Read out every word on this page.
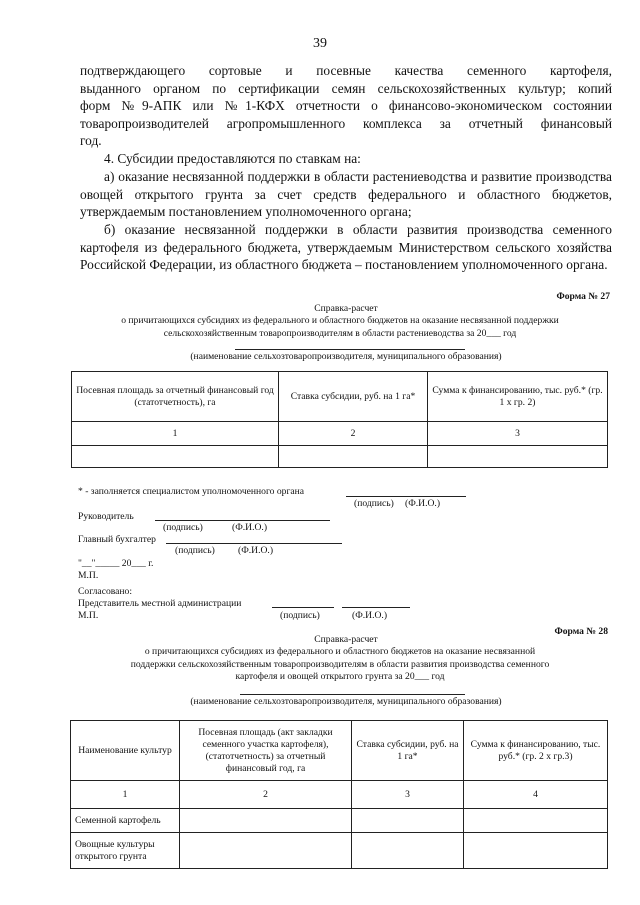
39
подтверждающего сортовые и посевные качества семенного картофеля,
выданного органом по сертификации семян сельскохозяйственных культур; копий
форм №9-АПК или №1-КФХ отчетности о финансово-экономическом состоянии
товаропроизводителей агропромышленного комплекса за отчетный финансовый
год.
4. Субсидии предоставляются по ставкам на:
а) оказание несвязанной поддержки в области растениеводства и развитие производства овощей открытого грунта за счет средств федерального и областного бюджетов, утверждаемым постановлением уполномоченного органа;
б) оказание несвязанной поддержки в области развития производства семенного картофеля из федерального бюджета, утверждаемым Министерством сельского хозяйства Российской Федерации, из областного бюджета – постановлением уполномоченного органа.
Форма № 27
Справка-расчет
о причитающихся субсидиях из федерального и областного бюджетов на оказание несвязанной поддержки
сельскохозяйственным товаропроизводителям в области растениеводства за 20___ год
(наименование сельхозтоваропроизводителя, муниципального образования)
Посевная площадь за отчетный финансовый год (статотчетность), га	Ставка субсидии, руб. на 1 га*	Сумма к финансированию, тыс. руб.* (гр. 1 х гр. 2)
1	2	3

* - заполняется специалистом уполномоченного органа
(подпись) (Ф.И.О.)
Руководитель
(подпись)	(Ф.И.О.)
Главный бухгалтер
(подпись) (Ф.И.О.)
"__"_____ 20___ г.
М.П.
Согласовано:
Представитель местной администрации
М.П.	(подпись)	(Ф.И.О.)
Форма № 28
Справка-расчет
о причитающихся субсидиях из федерального и областного бюджетов на оказание несвязанной
поддержки сельскохозяйственным товаропроизводителям в области развития производства семенного
картофеля и овощей открытого грунта за 20___ год
(наименование сельхозтоваропроизводителя, муниципального образования)
Наименование культур	Посевная площадь (акт закладки семенного участка картофеля), (статотчетность) за отчетный финансовый год, га	Ставка субсидии, руб. на 1 га*	Сумма к финансированию, тыс. руб.* (гр. 2 х гр.3)
1	2	3	4
Семенной картофель			
Овощные культуры открытого грунта			
